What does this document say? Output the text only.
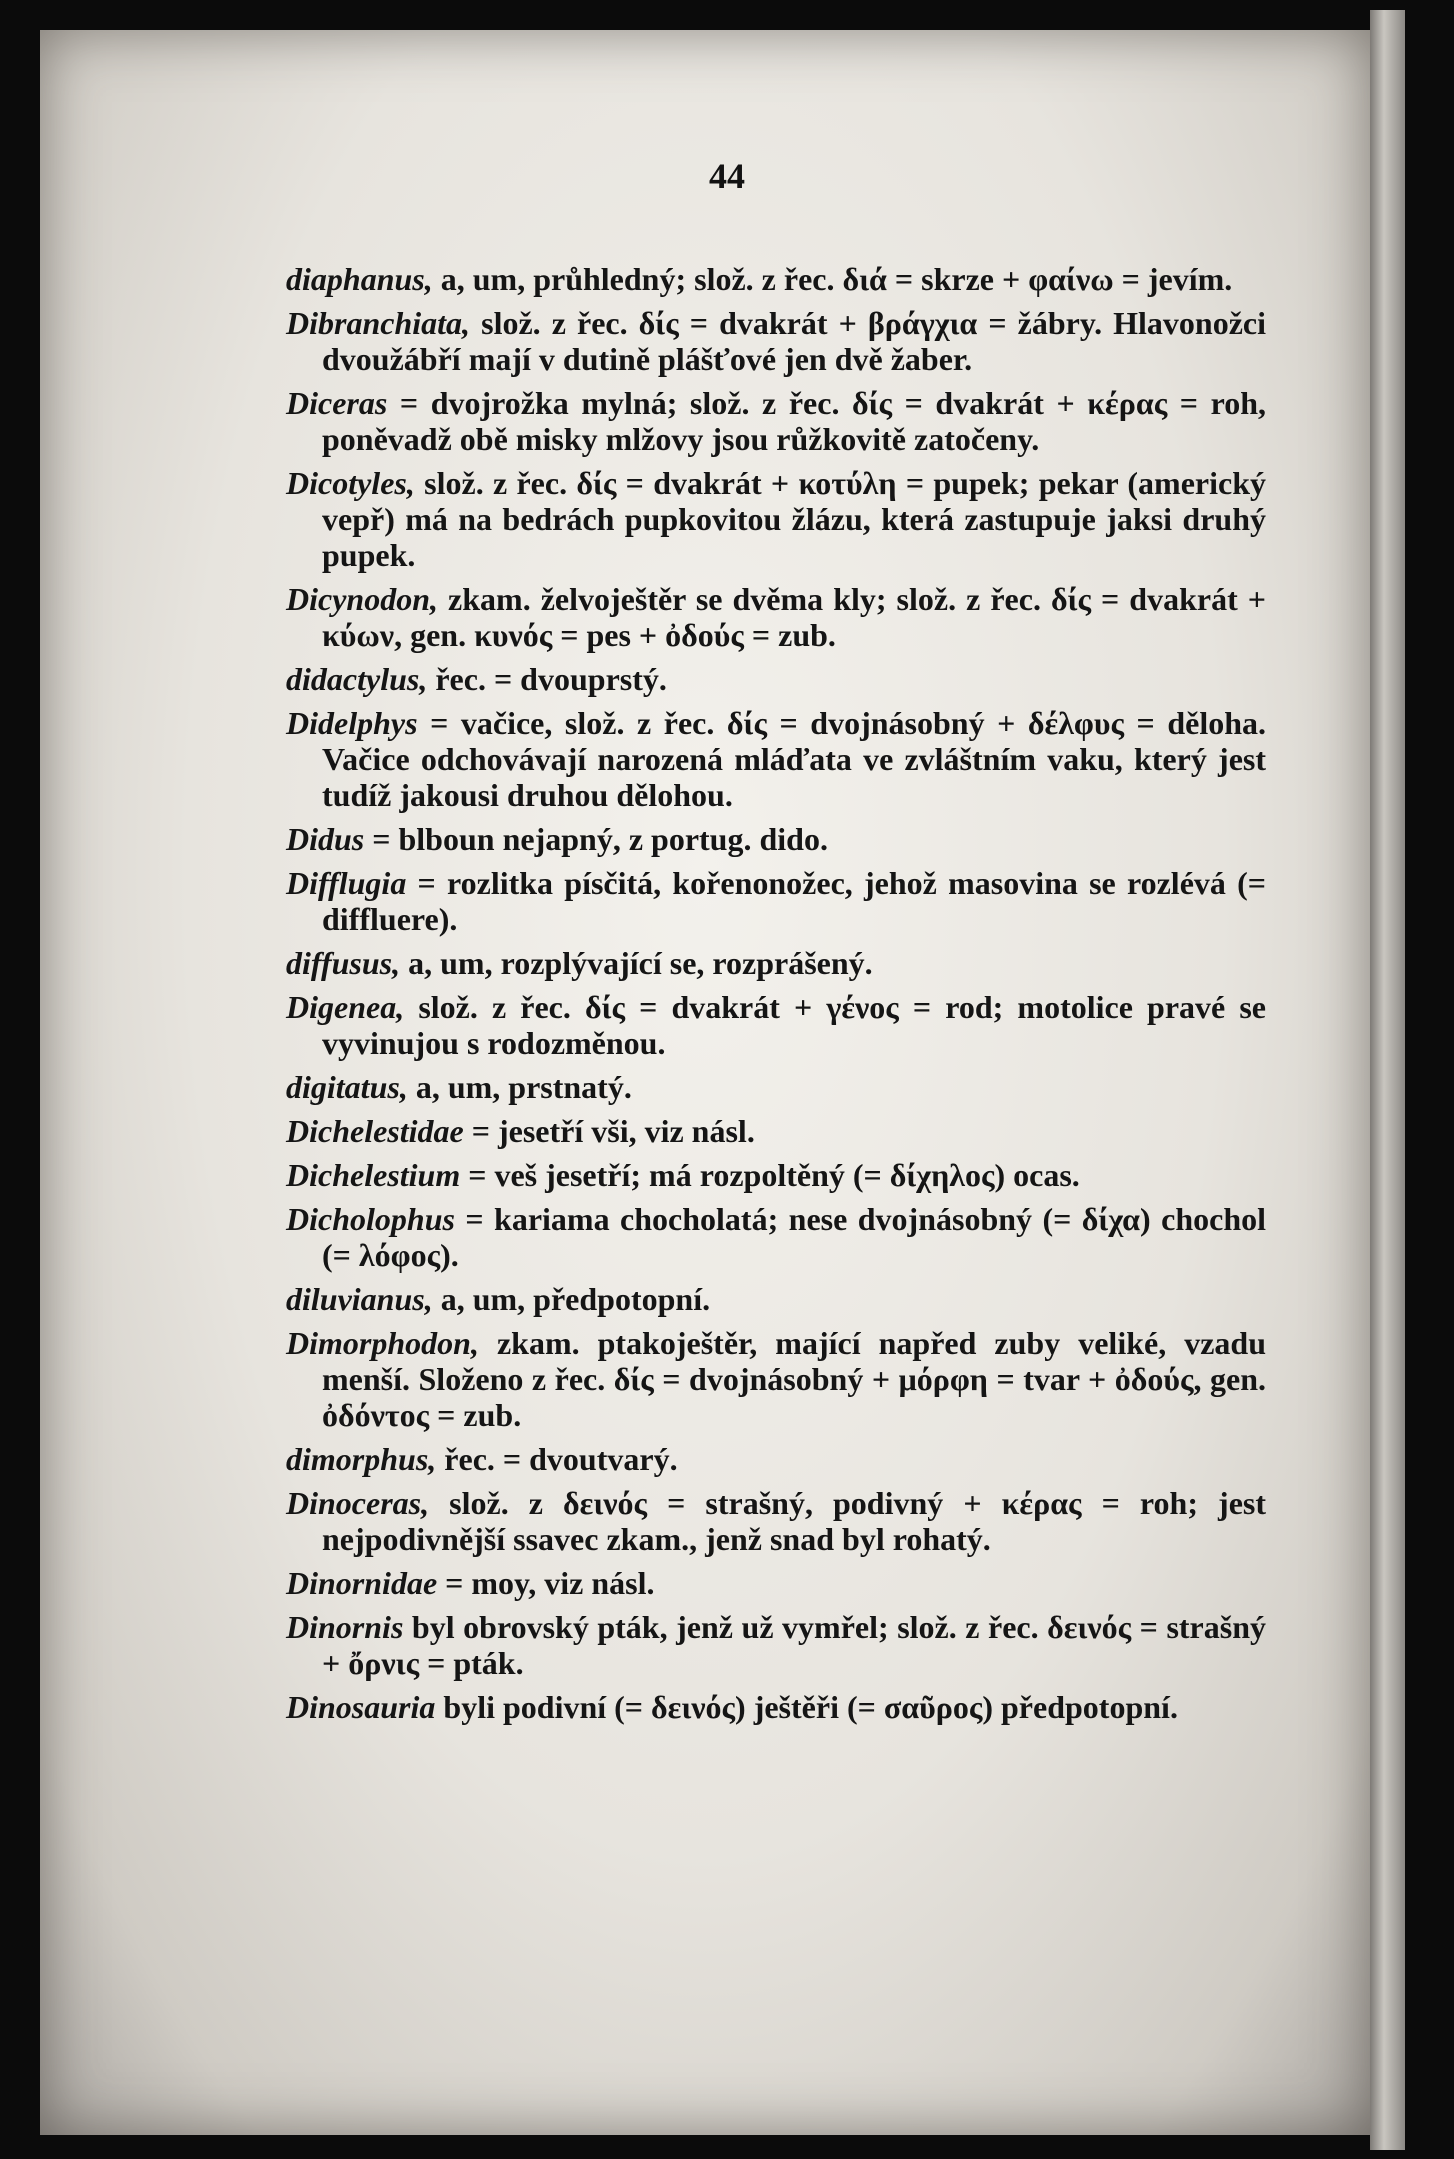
44

diaphanus, a, um, průhledný; slož. z řec. διά = skrze + φαίνω = jevím.

Dibranchiata, slož. z řec. δίς = dvakrát + βράγχια = žábry. Hlavonožci dvoužábří mají v dutině plášťové jen dvě žaber.

Diceras = dvojrožka mylná; slož. z řec. δίς = dvakrát + κέρας = roh, poněvadž obě misky mlžovy jsou růžkovitě zatočeny.

Dicotyles, slož. z řec. δίς = dvakrát + κοτύλη = pupek; pekar (americký vepř) má na bedrách pupkovitou žlázu, která zastupuje jaksi druhý pupek.

Dicynodon, zkam. želvoještěr se dvěma kly; slož. z řec. δίς = dvakrát + κύων, gen. κυνός = pes + ὀδούς = zub.

didactylus, řec. = dvouprstý.

Didelphys = vačice, slož. z řec. δίς = dvojnásobný + δέλφυς = děloha. Vačice odchovávají narozená mláďata ve zvláštním vaku, který jest tudíž jakousi druhou dělohou.

Didus = blboun nejapný, z portug. dido.

Difflugia = rozlitka písčitá, kořenonožec, jehož masovina se rozlévá (= diffluere).

diffusus, a, um, rozplývající se, rozprášený.

Digenea, slož. z řec. δίς = dvakrát + γένος = rod; motolice pravé se vyvinujou s rodozměnou.

digitatus, a, um, prstnatý.

Dichelestidae = jesetří vši, viz násl.

Dichelestium = veš jesetří; má rozpoltěný (= δίχηλος) ocas.

Dicholophus = kariama chocholatá; nese dvojnásobný (= δίχα) chochol (= λόφος).

diluvianus, a, um, předpotopní.

Dimorphodon, zkam. ptakoještěr, mající napřed zuby veliké, vzadu menší. Složeno z řec. δίς = dvojnásobný + μόρφη = tvar + ὀδούς, gen. ὀδόντος = zub.

dimorphus, řec. = dvoutvarý.

Dinoceras, slož. z δεινός = strašný, podivný + κέρας = roh; jest nejpodivnější ssavec zkam., jenž snad byl rohatý.

Dinornidae = moy, viz násl.

Dinornis byl obrovský pták, jenž už vymřel; slož. z řec. δεινός = strašný + ὄρνις = pták.

Dinosauria byli podivní (= δεινός) ještěři (= σαῦρος) předpotopní.
